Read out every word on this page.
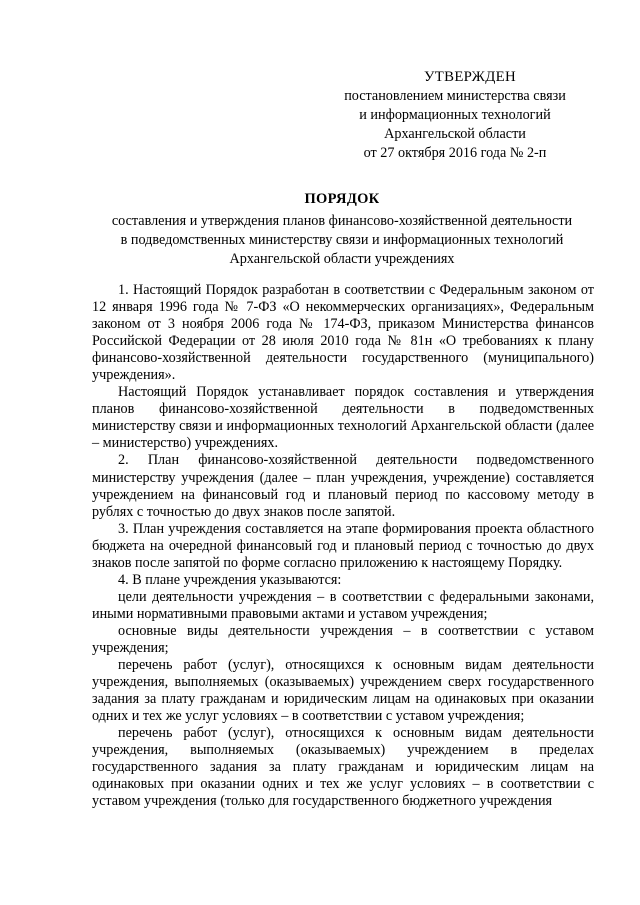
УТВЕРЖДЕН
постановлением министерства связи
и информационных технологий
Архангельской области
от 27 октября 2016 года № 2-п
ПОРЯДОК
составления и утверждения планов финансово-хозяйственной деятельности
в подведомственных министерству связи и информационных технологий
Архангельской области учреждениях

1. Настоящий Порядок разработан в соответствии с Федеральным законом от 12 января 1996 года № 7-ФЗ «О некоммерческих организациях», Федеральным законом от 3 ноября 2006 года № 174-ФЗ, приказом Министерства финансов Российской Федерации от 28 июля 2010 года № 81н «О требованиях к плану финансово-хозяйственной деятельности государственного (муниципального) учреждения».

Настоящий Порядок устанавливает порядок составления и утверждения планов финансово-хозяйственной деятельности в подведомственных министерству связи и информационных технологий Архангельской области (далее – министерство) учреждениях.

2. План финансово-хозяйственной деятельности подведомственного министерству учреждения (далее – план учреждения, учреждение) составляется учреждением на финансовый год и плановый период по кассовому методу в рублях с точностью до двух знаков после запятой.

3. План учреждения составляется на этапе формирования проекта областного бюджета на очередной финансовый год и плановый период с точностью до двух знаков после запятой по форме согласно приложению к настоящему Порядку.

4. В плане учреждения указываются:

цели деятельности учреждения – в соответствии с федеральными законами, иными нормативными правовыми актами и уставом учреждения;

основные виды деятельности учреждения – в соответствии с уставом учреждения;

перечень работ (услуг), относящихся к основным видам деятельности учреждения, выполняемых (оказываемых) учреждением сверх государственного задания за плату гражданам и юридическим лицам на одинаковых при оказании одних и тех же услуг условиях – в соответствии с уставом учреждения;

перечень работ (услуг), относящихся к основным видам деятельности учреждения, выполняемых (оказываемых) учреждением в пределах государственного задания за плату гражданам и юридическим лицам на одинаковых при оказании одних и тех же услуг условиях – в соответствии с уставом учреждения (только для государственного бюджетного учреждения
